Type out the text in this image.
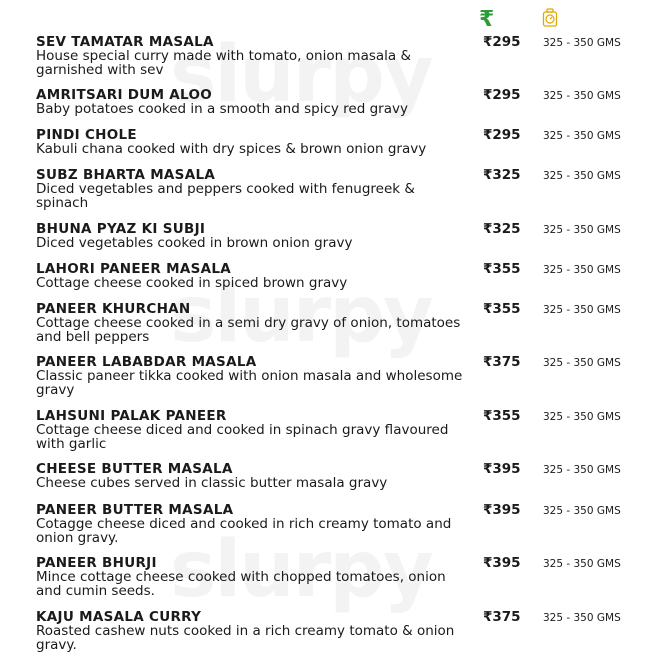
₹
SEV TAMATAR MASALA
House special curry made with tomato, onion masala & garnished with sev
₹295 325 - 350 GMS
AMRITSARI DUM ALOO
Baby potatoes cooked in a smooth and spicy red gravy
₹295 325 - 350 GMS
PINDI CHOLE
Kabuli chana cooked with dry spices & brown onion gravy
₹295 325 - 350 GMS
SUBZ BHARTA MASALA
Diced vegetables and peppers cooked with fenugreek & spinach
₹325 325 - 350 GMS
BHUNA PYAZ KI SUBJI
Diced vegetables cooked in brown onion gravy
₹325 325 - 350 GMS
LAHORI PANEER MASALA
Cottage cheese cooked in spiced brown gravy
₹355 325 - 350 GMS
PANEER KHURCHAN
Cottage cheese cooked in a semi dry gravy of onion, tomatoes and bell peppers
₹355 325 - 350 GMS
PANEER LABABDAR MASALA
Classic paneer tikka cooked with onion masala and wholesome gravy
₹375 325 - 350 GMS
LAHSUNI PALAK PANEER
Cottage cheese diced and cooked in spinach gravy flavoured with garlic
₹355 325 - 350 GMS
CHEESE BUTTER MASALA
Cheese cubes served in classic butter masala gravy
₹395 325 - 350 GMS
PANEER BUTTER MASALA
Cotagge cheese diced and cooked in rich creamy tomato and onion gravy.
₹395 325 - 350 GMS
PANEER BHURJI
Mince cottage cheese cooked with chopped tomatoes, onion and cumin seeds.
₹395 325 - 350 GMS
KAJU MASALA CURRY
Roasted cashew nuts cooked in a rich creamy tomato & onion gravy.
₹375 325 - 350 GMS
